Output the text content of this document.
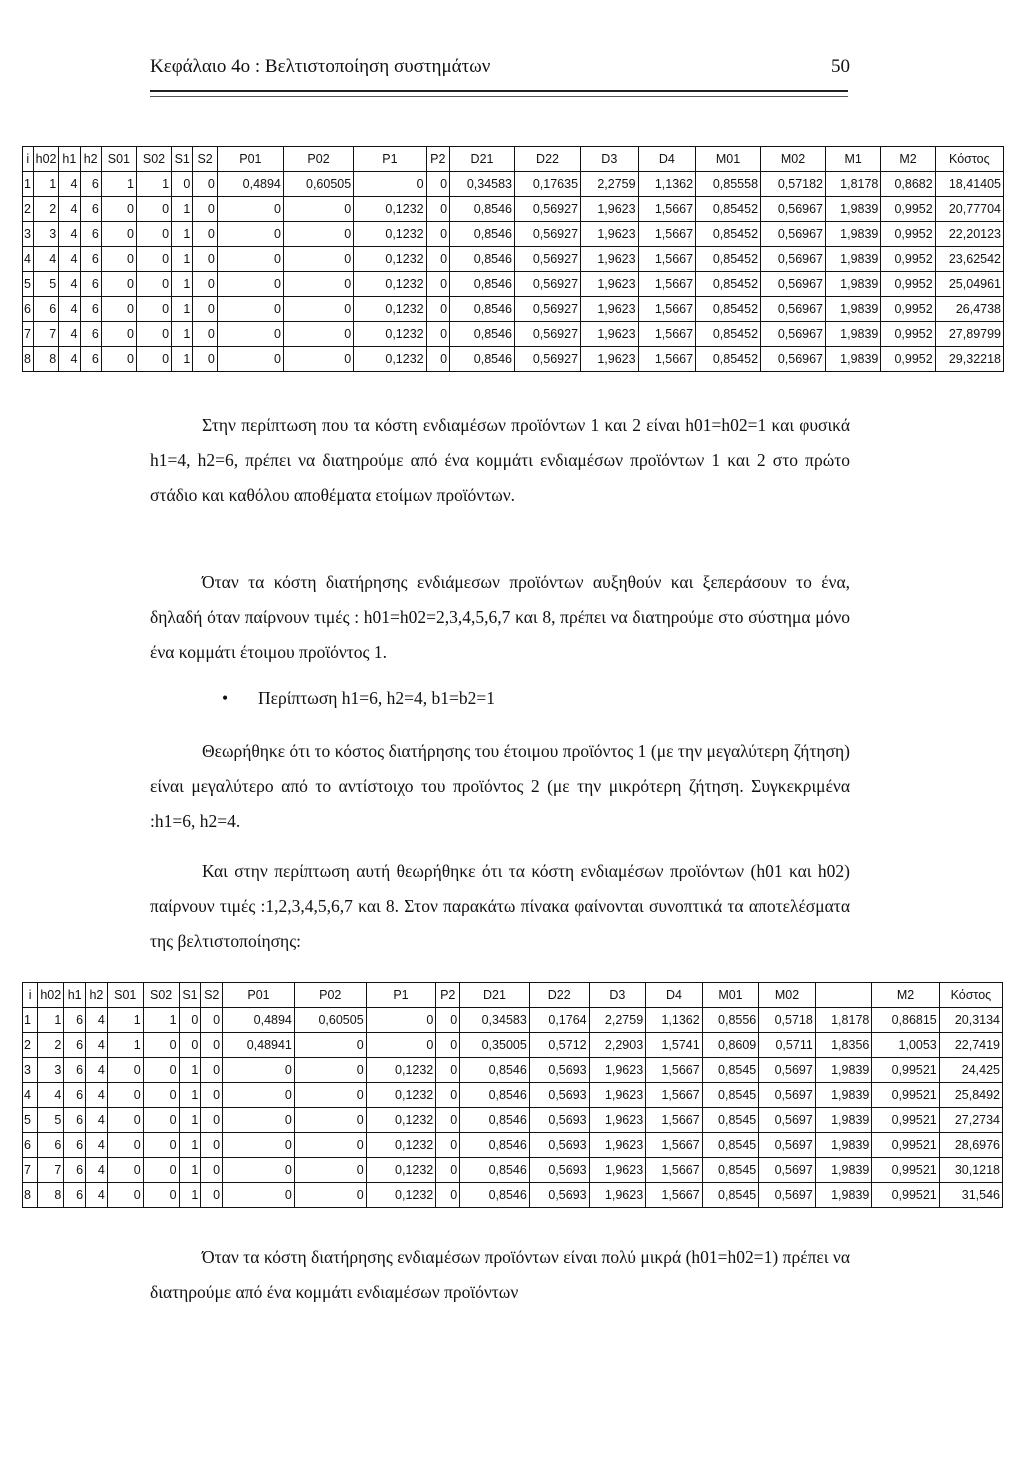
Κεφάλαιο 4ο : Βελτιστοποίηση συστημάτων	50
i	h02	h1	h2	S01	S02	S1	S2	P01	P02	P1	P2	D21	D22	D3	D4	M01	M02	M1	M2	Κόστος
1	1	4	6	1	1	0	0	0,4894	0,60505	0	0	0,34583	0,17635	2,2759	1,1362	0,85558	0,57182	1,8178	0,8682	18,41405
2	2	4	6	0	0	1	0	0	0	0,1232	0	0,8546	0,56927	1,9623	1,5667	0,85452	0,56967	1,9839	0,9952	20,77704
3	3	4	6	0	0	1	0	0	0	0,1232	0	0,8546	0,56927	1,9623	1,5667	0,85452	0,56967	1,9839	0,9952	22,20123
4	4	4	6	0	0	1	0	0	0	0,1232	0	0,8546	0,56927	1,9623	1,5667	0,85452	0,56967	1,9839	0,9952	23,62542
5	5	4	6	0	0	1	0	0	0	0,1232	0	0,8546	0,56927	1,9623	1,5667	0,85452	0,56967	1,9839	0,9952	25,04961
6	6	4	6	0	0	1	0	0	0	0,1232	0	0,8546	0,56927	1,9623	1,5667	0,85452	0,56967	1,9839	0,9952	26,4738
7	7	4	6	0	0	1	0	0	0	0,1232	0	0,8546	0,56927	1,9623	1,5667	0,85452	0,56967	1,9839	0,9952	27,89799
8	8	4	6	0	0	1	0	0	0	0,1232	0	0,8546	0,56927	1,9623	1,5667	0,85452	0,56967	1,9839	0,9952	29,32218
Στην περίπτωση που τα κόστη ενδιαμέσων προϊόντων 1 και 2 είναι h01=h02=1 και φυσικά h1=4, h2=6, πρέπει να διατηρούμε από ένα κομμάτι ενδιαμέσων προϊόντων 1 και 2 στο πρώτο στάδιο και καθόλου αποθέματα ετοίμων προϊόντων.
Όταν τα κόστη διατήρησης ενδιάμεσων προϊόντων αυξηθούν και ξεπεράσουν το ένα, δηλαδή όταν παίρνουν τιμές : h01=h02=2,3,4,5,6,7 και 8, πρέπει να διατηρούμε στο σύστημα μόνο ένα κομμάτι έτοιμου προϊόντος 1.
• Περίπτωση h1=6, h2=4, b1=b2=1
Θεωρήθηκε ότι το κόστος διατήρησης του έτοιμου προϊόντος 1 (με την μεγαλύτερη ζήτηση) είναι μεγαλύτερο από το αντίστοιχο του προϊόντος 2 (με την μικρότερη ζήτηση. Συγκεκριμένα :h1=6, h2=4.
Και στην περίπτωση αυτή θεωρήθηκε ότι τα κόστη ενδιαμέσων προϊόντων (h01 και h02) παίρνουν τιμές :1,2,3,4,5,6,7 και 8. Στον παρακάτω πίνακα φαίνονται συνοπτικά τα αποτελέσματα της βελτιστοποίησης:
i	h02	h1	h2	S01	S02	S1	S2	P01	P02	P1	P2	D21	D22	D3	D4	M01	M02		M2	Κόστος
1	1	6	4	1	1	0	0	0,4894	0,60505	0	0	0,34583	0,1764	2,2759	1,1362	0,8556	0,5718	1,8178	0,86815	20,3134
2	2	6	4	1	0	0	0	0,48941	0	0	0	0,35005	0,5712	2,2903	1,5741	0,8609	0,5711	1,8356	1,0053	22,7419
3	3	6	4	0	0	1	0	0	0	0,1232	0	0,8546	0,5693	1,9623	1,5667	0,8545	0,5697	1,9839	0,99521	24,425
4	4	6	4	0	0	1	0	0	0	0,1232	0	0,8546	0,5693	1,9623	1,5667	0,8545	0,5697	1,9839	0,99521	25,8492
5	5	6	4	0	0	1	0	0	0	0,1232	0	0,8546	0,5693	1,9623	1,5667	0,8545	0,5697	1,9839	0,99521	27,2734
6	6	6	4	0	0	1	0	0	0	0,1232	0	0,8546	0,5693	1,9623	1,5667	0,8545	0,5697	1,9839	0,99521	28,6976
7	7	6	4	0	0	1	0	0	0	0,1232	0	0,8546	0,5693	1,9623	1,5667	0,8545	0,5697	1,9839	0,99521	30,1218
8	8	6	4	0	0	1	0	0	0	0,1232	0	0,8546	0,5693	1,9623	1,5667	0,8545	0,5697	1,9839	0,99521	31,546
Όταν τα κόστη διατήρησης ενδιαμέσων προϊόντων είναι πολύ μικρά (h01=h02=1) πρέπει να διατηρούμε από ένα κομμάτι ενδιαμέσων προϊόντων
